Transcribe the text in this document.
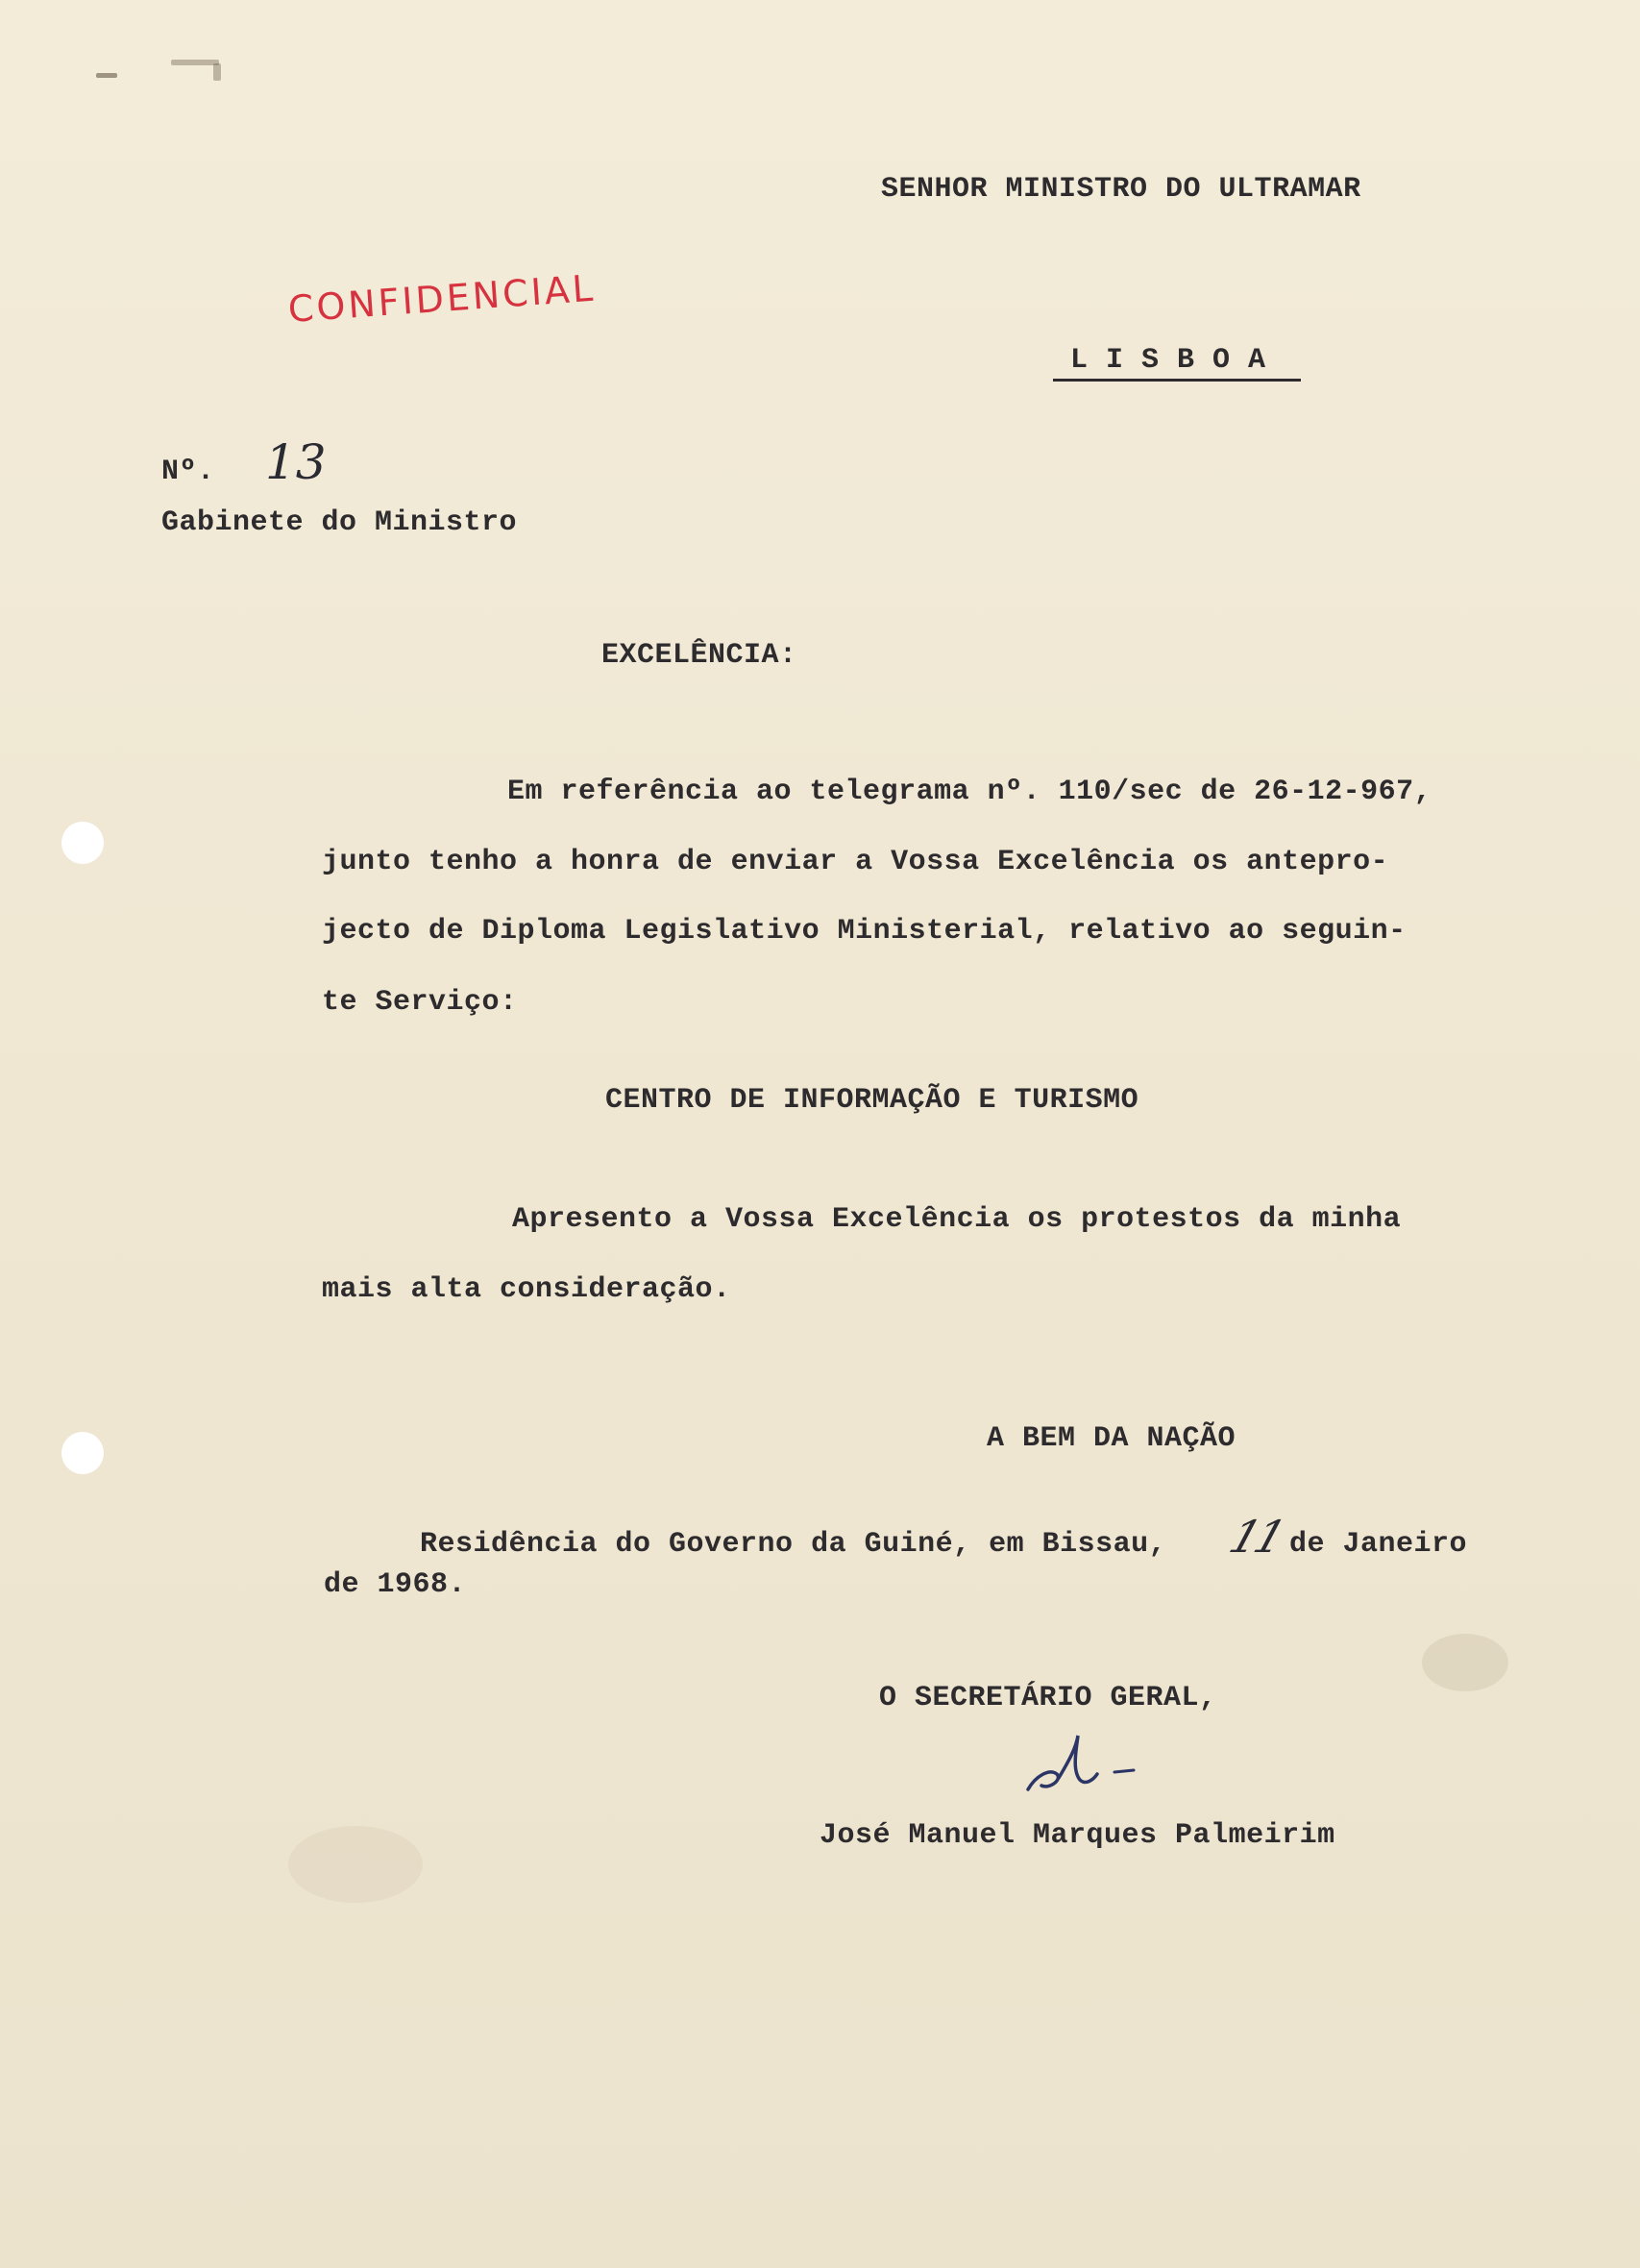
SENHOR MINISTRO DO ULTRAMAR
CONFIDENCIAL
L I S B O A
Nº. 13
Gabinete do Ministro
EXCELÊNCIA:
Em referência ao telegrama nº. 110/sec de 26-12-967,
junto tenho a honra de enviar a Vossa Excelência os antepro-
jecto de Diploma Legislativo Ministerial, relativo ao seguin-
te Serviço:
CENTRO DE INFORMAÇÃO E TURISMO
Apresento a Vossa Excelência os protestos da minha
mais alta consideração.
A BEM DA NAÇÃO
Residência do Governo da Guiné, em Bissau, 11 de Janeiro
de 1968.
O SECRETÁRIO GERAL,
José Manuel Marques Palmeirim
